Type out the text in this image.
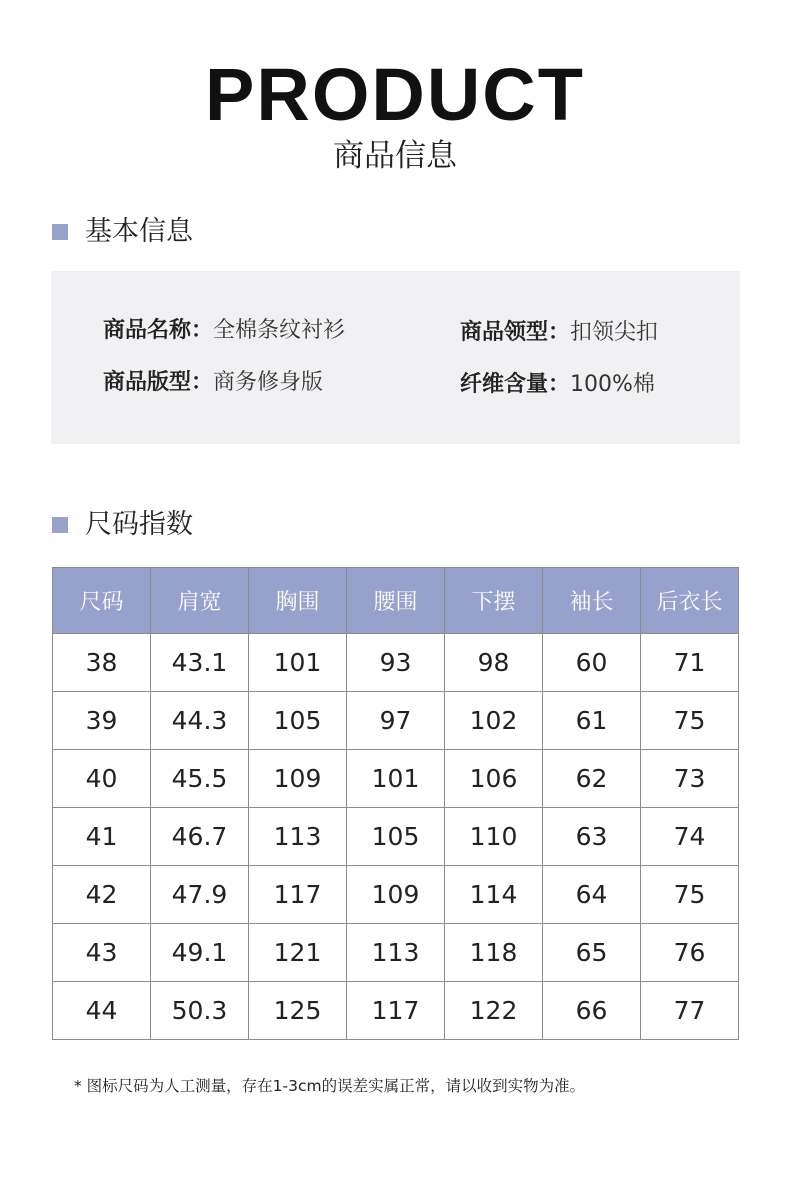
PRODUCT
商品信息
基本信息
商品名称：全棉条纹衬衫	商品领型：扣领尖扣
商品版型：商务修身版	纤维含量：100%棉
尺码指数
尺码	肩宽	胸围	腰围	下摆	袖长	后衣长
38	43.1	101	93	98	60	71
39	44.3	105	97	102	61	75
40	45.5	109	101	106	62	73
41	46.7	113	105	110	63	74
42	47.9	117	109	114	64	75
43	49.1	121	113	118	65	76
44	50.3	125	117	122	66	77
* 图标尺码为人工测量，存在1-3cm的误差实属正常，请以收到实物为准。
